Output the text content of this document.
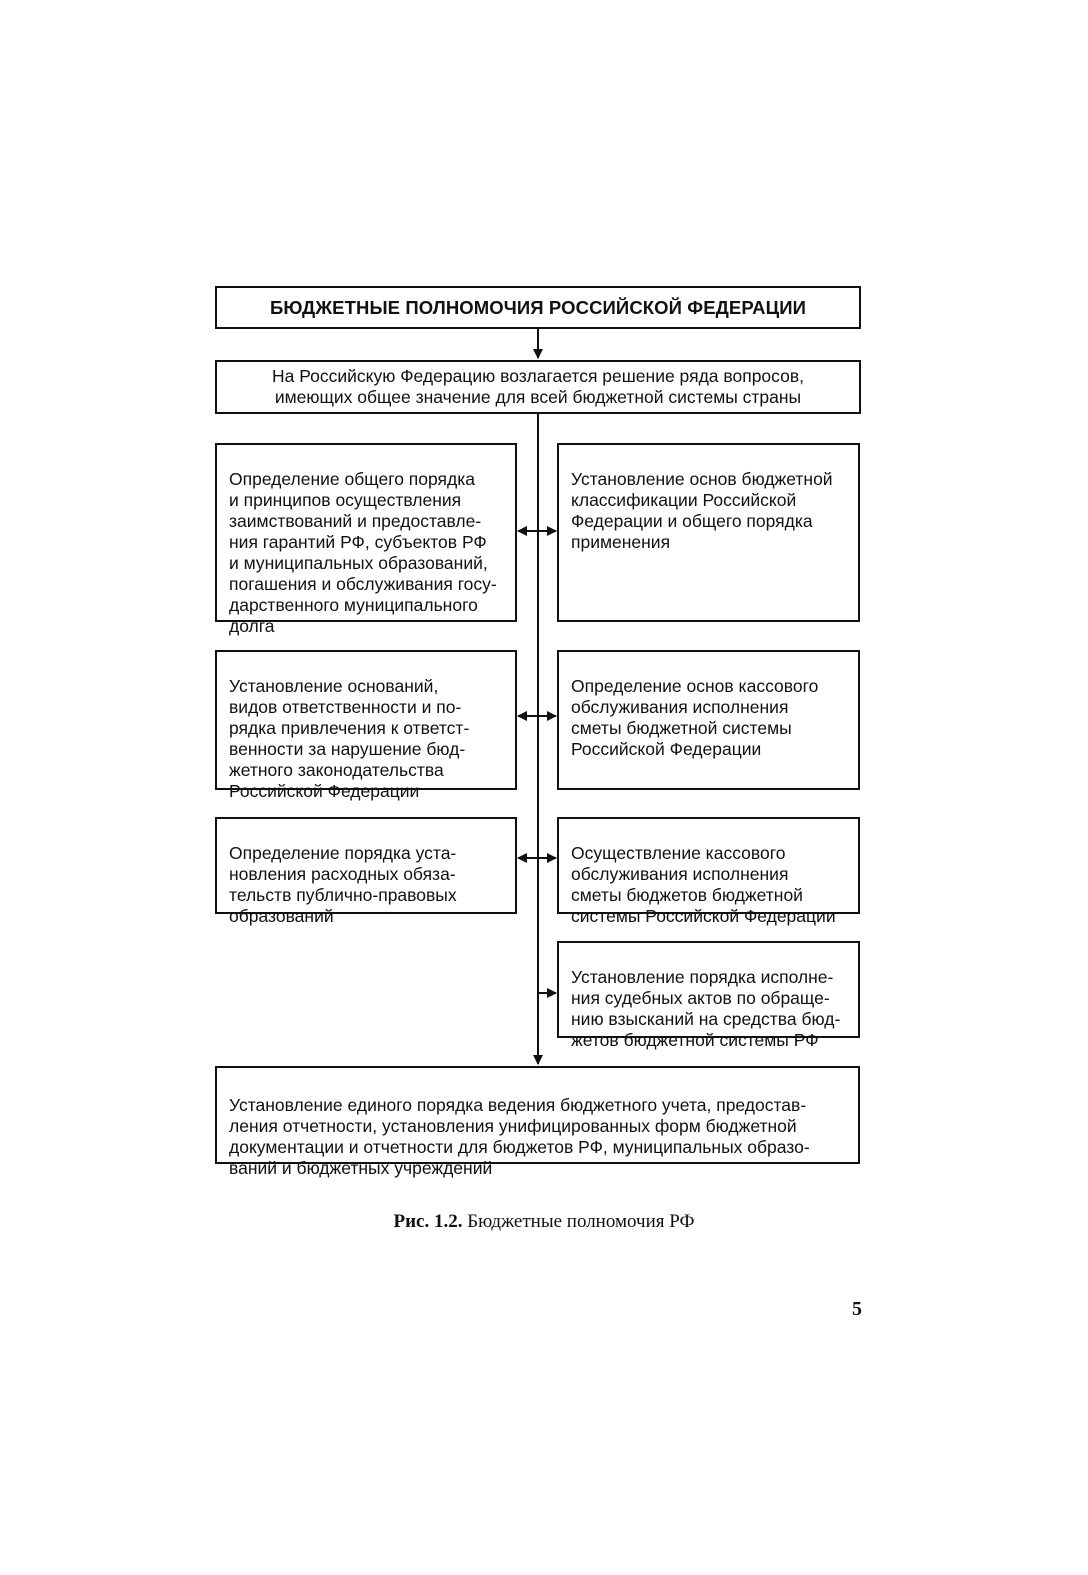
БЮДЖЕТНЫЕ ПОЛНОМОЧИЯ РОССИЙСКОЙ ФЕДЕРАЦИИ
На Российскую Федерацию возлагается решение ряда вопросов,
имеющих общее значение для всей бюджетной системы страны

Определение общего порядка
и принципов осуществления
заимствований и предоставле-
ния гарантий РФ, субъектов РФ
и муниципальных образований,
погашения и обслуживания госу-
дарственного муниципального
долга

Установление основ бюджетной
классификации Российской
Федерации и общего порядка
применения

Установление оснований,
видов ответственности и по-
рядка привлечения к ответст-
венности за нарушение бюд-
жетного законодательства
Российской Федерации

Определение основ кассового
обслуживания исполнения
сметы бюджетной системы
Российской Федерации

Определение порядка уста-
новления расходных обяза-
тельств публично-правовых
образований

Осуществление кассового
обслуживания исполнения
сметы бюджетов бюджетной
системы Российской Федерации

Установление порядка исполне-
ния судебных актов по обраще-
нию взысканий на средства бюд-
жетов бюджетной системы РФ

Установление единого порядка ведения бюджетного учета, предостав-
ления отчетности, установления унифицированных форм бюджетной
документации и отчетности для бюджетов РФ, муниципальных образо-
ваний и бюджетных учреждений

Рис. 1.2. Бюджетные полномочия РФ
5
